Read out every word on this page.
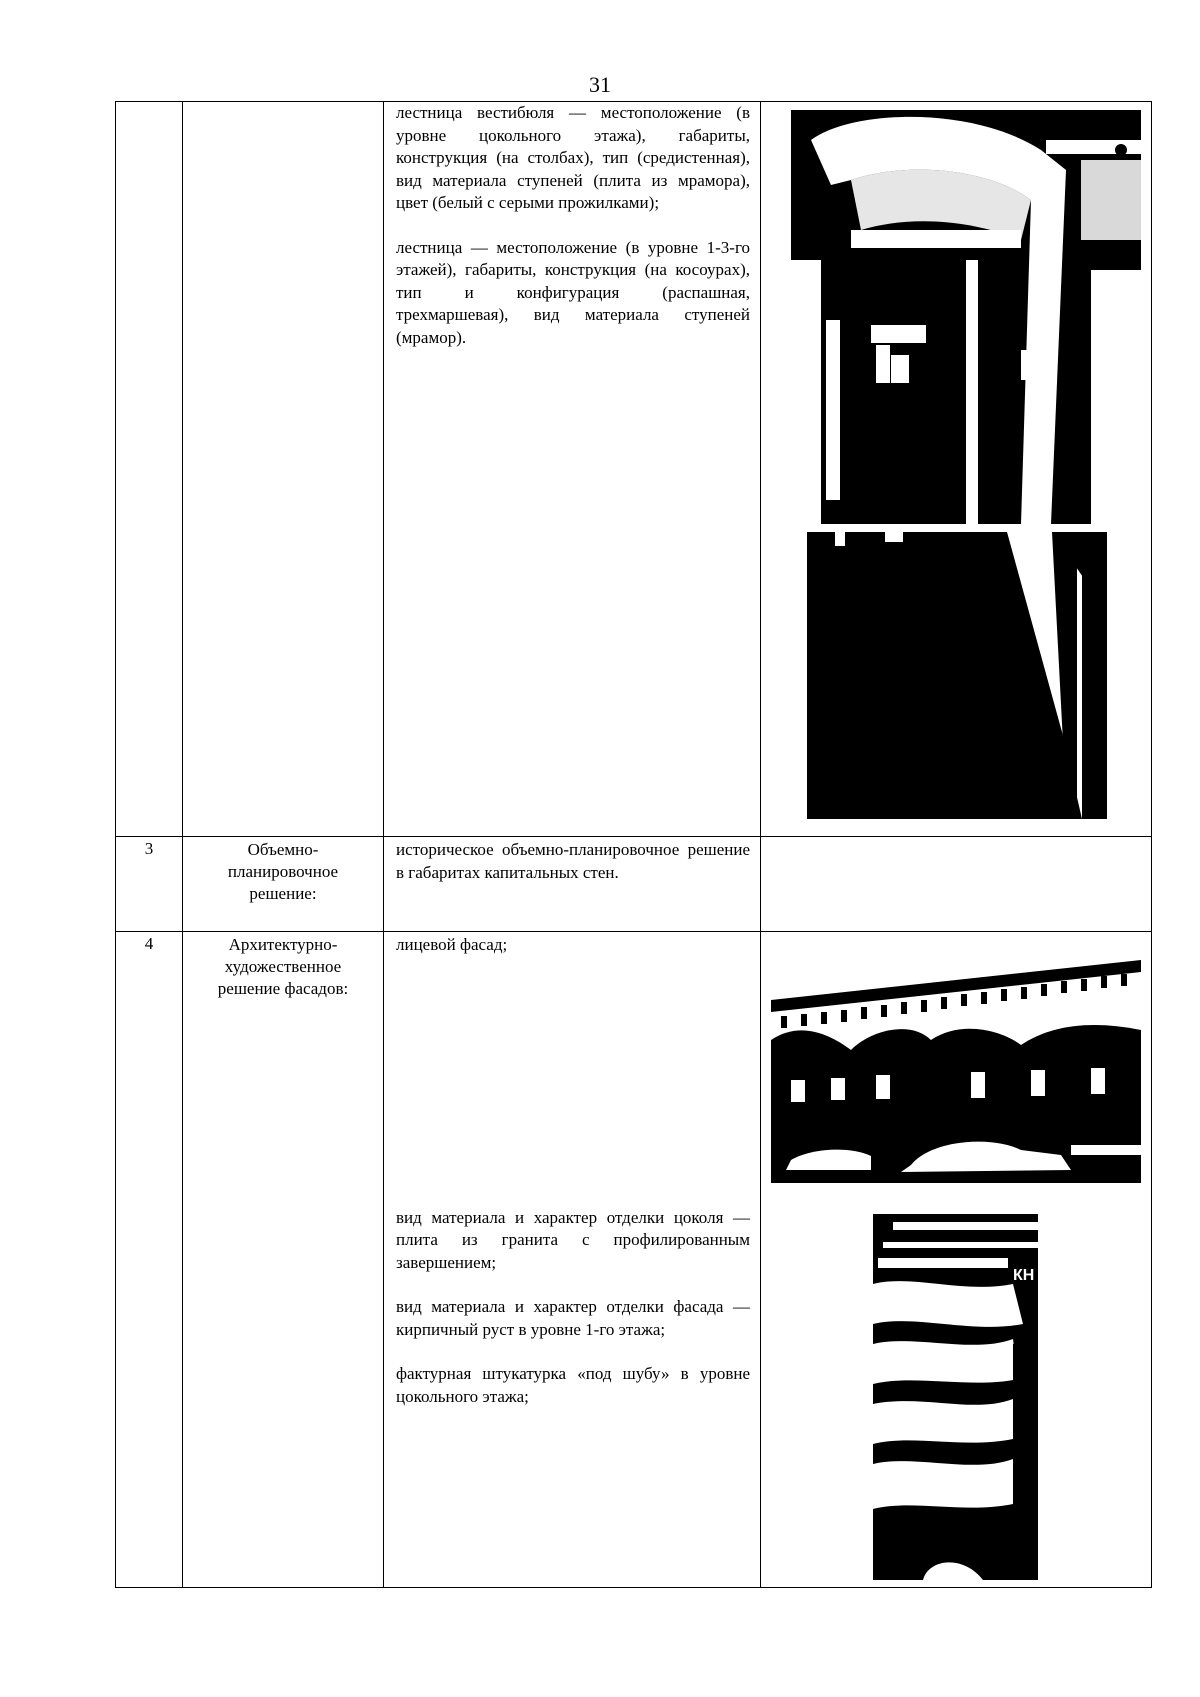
31

		лестница вестибюля — местоположение (в уровне цокольного этажа), габариты, конструкция (на столбах), тип (средистенная), вид материала ступеней (плита из мрамора), цвет (белый с серыми прожилками);

лестница — местоположение (в уровне 1-3-го этажей), габариты, конструкция (на косоурах), тип и конфигурация (распашная, трехмаршевая), вид материала ступеней (мрамор).

3	Объемно-планировочное решение:	историческое объемно-планировочное решение в габаритах капитальных стен.	

4	Архитектурно-художественное решение фасадов:	лицевой фасад;

вид материала и характер отделки цоколя —плита из гранита с профилированным завершением;

вид материала и характер отделки фасада — кирпичный руст в уровне 1-го этажа;

фактурная штукатурка «под шубу» в уровне цокольного этажа;	КН
